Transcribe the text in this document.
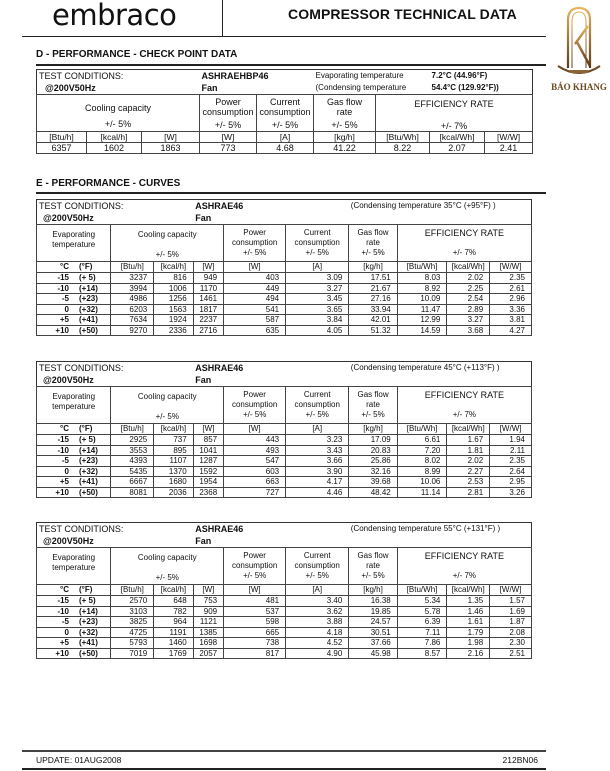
embraco	COMPRESSOR TECHNICAL DATA
BÁO KHANG
D - PERFORMANCE - CHECK POINT DATA
TEST CONDITIONS:			ASHRAEHBP46		Evaporating temperature		7.2°C (44.96°F)	
@200V50Hz			Fan		(Condensing temperature		54.4°C (129.92°F))	

Cooling capacity
+/- 5%

Power
consumption
+/- 5%

Current
consumption
+/- 5%

Gas flow
rate
+/- 5%

EFFICIENCY RATE
+/- 7%

[Btu/h]	[kcal/h]	[W]	[W]	[A]	[kg/h]	[Btu/Wh]	[kcal/Wh]	[W/W]
6357	1602	1863	773	4.68	41.22	8.22	2.07	2.41
E - PERFORMANCE - CURVES
TEST CONDITIONS:			ASHRAE46			(Condensing temperature 35°C (+95°F) )			
@200V50Hz			Fan						

Evaporating
temperature

Cooling capacity
+/- 5%

Power
consumption
+/- 5%

Current
consumption
+/- 5%

Gas flow
rate
+/- 5%

EFFICIENCY RATE
+/- 7%

°C (°F)	[Btu/h]	[kcal/h]	[W]	[W]	[A]	[kg/h]	[Btu/Wh]	[kcal/Wh]	[W/W]
-15 (+ 5)	3237	816	949	403	3.09	17.51	8.03	2.02	2.35
-10 (+14)	3994	1006	1170	449	3.27	21.67	8.92	2.25	2.61
-5 (+23)	4986	1256	1461	494	3.45	27.16	10.09	2.54	2.96
0 (+32)	6203	1563	1817	541	3.65	33.94	11.47	2.89	3.36
+5 (+41)	7634	1924	2237	587	3.84	42.01	12.99	3.27	3.81
+10 (+50)	9270	2336	2716	635	4.05	51.32	14.59	3.68	4.27
TEST CONDITIONS:			ASHRAE46			(Condensing temperature 45°C (+113°F) )			
@200V50Hz			Fan						

Evaporating
temperature

Cooling capacity
+/- 5%

Power
consumption
+/- 5%

Current
consumption
+/- 5%

Gas flow
rate
+/- 5%

EFFICIENCY RATE
+/- 7%

°C (°F)	[Btu/h]	[kcal/h]	[W]	[W]	[A]	[kg/h]	[Btu/Wh]	[kcal/Wh]	[W/W]
-15 (+ 5)	2925	737	857	443	3.23	17.09	6.61	1.67	1.94
-10 (+14)	3553	895	1041	493	3.43	20.83	7.20	1.81	2.11
-5 (+23)	4393	1107	1287	547	3.66	25.86	8.02	2.02	2.35
0 (+32)	5435	1370	1592	603	3.90	32.16	8.99	2.27	2.64
+5 (+41)	6667	1680	1954	663	4.17	39.68	10.06	2.53	2.95
+10 (+50)	8081	2036	2368	727	4.46	48.42	11.14	2.81	3.26
TEST CONDITIONS:			ASHRAE46			(Condensing temperature 55°C (+131°F) )			
@200V50Hz			Fan						

Evaporating
temperature

Cooling capacity
+/- 5%

Power
consumption
+/- 5%

Current
consumption
+/- 5%

Gas flow
rate
+/- 5%

EFFICIENCY RATE
+/- 7%

°C (°F)	[Btu/h]	[kcal/h]	[W]	[W]	[A]	[kg/h]	[Btu/Wh]	[kcal/Wh]	[W/W]
-15 (+ 5)	2570	648	753	481	3.40	16.38	5.34	1.35	1.57
-10 (+14)	3103	782	909	537	3.62	19.85	5.78	1.46	1.69
-5 (+23)	3825	964	1121	598	3.88	24.57	6.39	1.61	1.87
0 (+32)	4725	1191	1385	665	4.18	30.51	7.11	1.79	2.08
+5 (+41)	5793	1460	1698	738	4.52	37.66	7.86	1.98	2.30
+10 (+50)	7019	1769	2057	817	4.90	45.98	8.57	2.16	2.51
UPDATE: 01AUG2008	212BN06
